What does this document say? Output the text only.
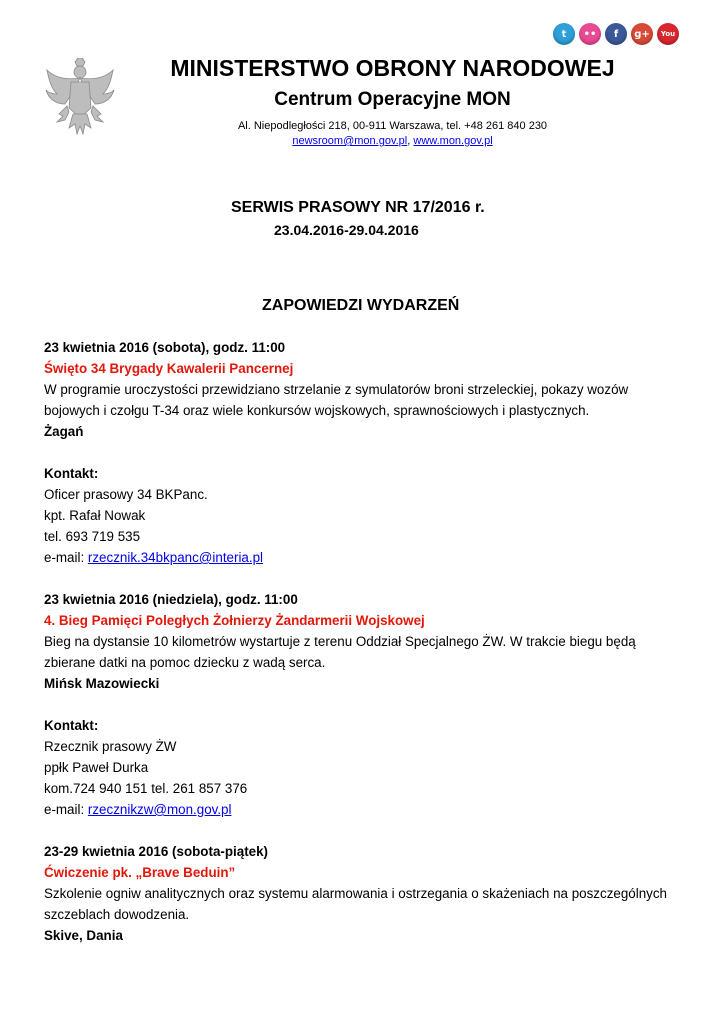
t	••	f	g+	You
MINISTERSTWO OBRONY NARODOWEJ
Centrum Operacyjne MON
Al. Niepodległości 218, 00-911 Warszawa, tel. +48 261 840 230
newsroom@mon.gov.pl, www.mon.gov.pl
SERWIS PRASOWY NR 17/2016 r.
23.04.2016-29.04.2016
ZAPOWIEDZI WYDARZEŃ

23 kwietnia 2016 (sobota), godz. 11:00

Święto 34 Brygady Kawalerii Pancernej

W programie uroczystości przewidziano strzelanie z symulatorów broni strzeleckiej, pokazy wozów bojowych i czołgu T-34 oraz wiele konkursów wojskowych, sprawnościowych i plastycznych.

Żagań

Kontakt:

Oficer prasowy 34 BKPanc.

kpt. Rafał Nowak

tel. 693 719 535

e-mail: rzecznik.34bkpanc@interia.pl

23 kwietnia 2016 (niedziela), godz. 11:00

4. Bieg Pamięci Poległych Żołnierzy Żandarmerii Wojskowej

Bieg na dystansie 10 kilometrów wystartuje z terenu Oddział Specjalnego ŻW. W trakcie biegu będą zbierane datki na pomoc dziecku z wadą serca.

Mińsk Mazowiecki

Kontakt:

Rzecznik prasowy ŻW

ppłk Paweł Durka

kom.724 940 151 tel. 261 857 376

e-mail: rzecznikzw@mon.gov.pl

23-29 kwietnia 2016 (sobota-piątek)

Ćwiczenie pk. „Brave Beduin”

Szkolenie ogniw analitycznych oraz systemu alarmowania i ostrzegania o skażeniach na poszczególnych szczeblach dowodzenia.

Skive, Dania
